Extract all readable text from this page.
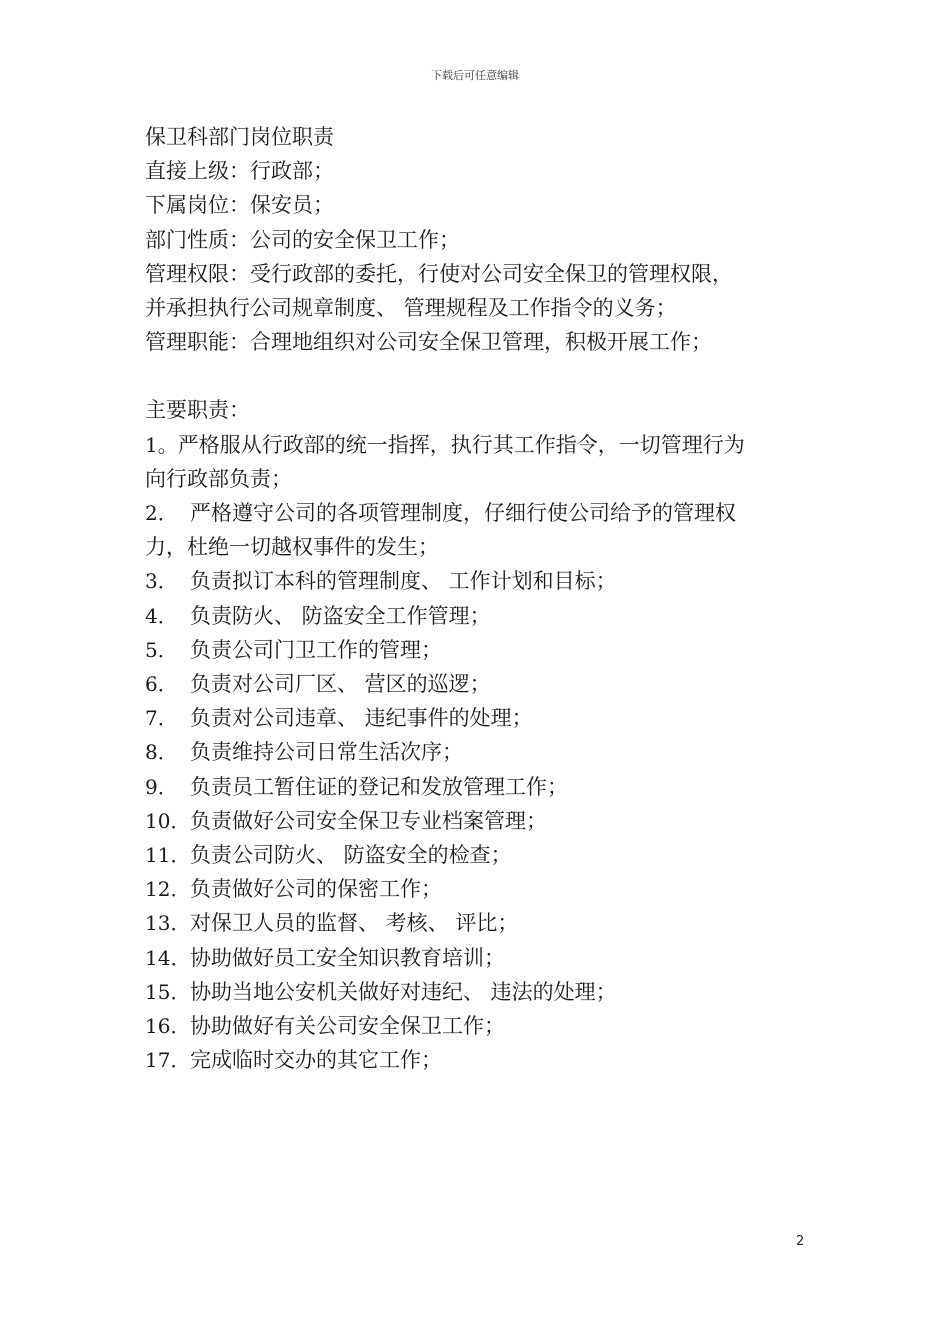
下载后可任意编辑
保卫科部门岗位职责
直接上级：行政部；
下属岗位：保安员；
部门性质：公司的安全保卫工作；
管理权限：受行政部的委托，行使对公司安全保卫的管理权限，
并承担执行公司规章制度、 管理规程及工作指令的义务；
管理职能：合理地组织对公司安全保卫管理，积极开展工作；
主要职责：
1。严格服从行政部的统一指挥，执行其工作指令，一切管理行为
向行政部负责；
2． 严格遵守公司的各项管理制度，仔细行使公司给予的管理权
力，杜绝一切越权事件的发生；
3． 负责拟订本科的管理制度、 工作计划和目标；
4． 负责防火、 防盗安全工作管理；
5． 负责公司门卫工作的管理；
6． 负责对公司厂区、 营区的巡逻；
7． 负责对公司违章、 违纪事件的处理；
8． 负责维持公司日常生活次序；
9． 负责员工暂住证的登记和发放管理工作；
10．负责做好公司安全保卫专业档案管理；
11．负责公司防火、 防盗安全的检查；
12．负责做好公司的保密工作；
13．对保卫人员的监督、 考核、 评比；
14．协助做好员工安全知识教育培训；
15．协助当地公安机关做好对违纪、 违法的处理；
16．协助做好有关公司安全保卫工作；
17．完成临时交办的其它工作；
2
